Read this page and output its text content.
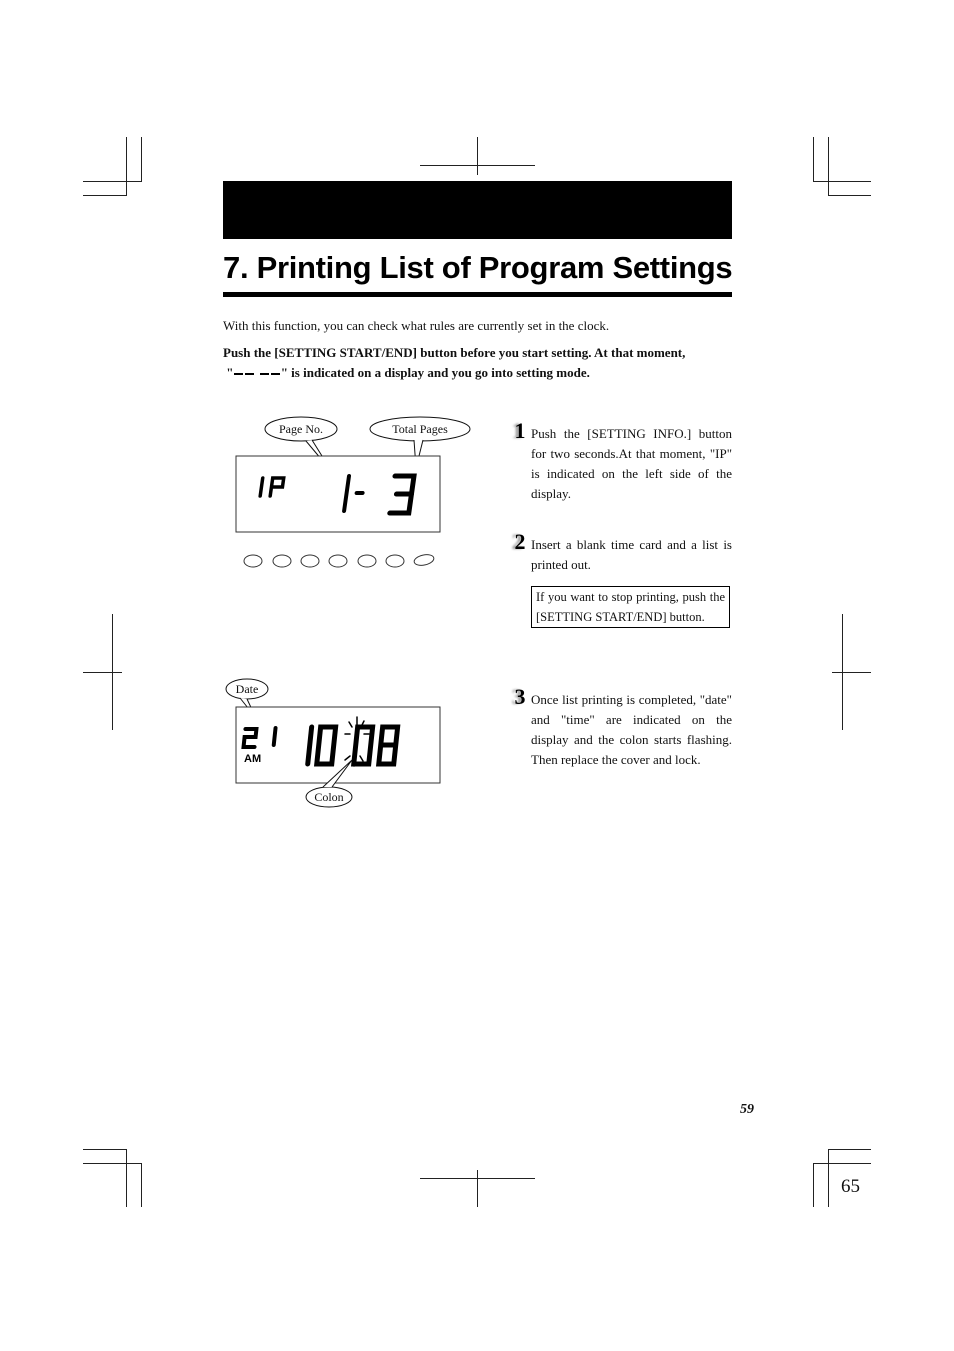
7. Printing List of Program Settings
With this function, you can check what rules are currently set in the clock.
Push the [SETTING START/END] button before you start setting. At that moment,
"	" is indicated on a display and you go into setting mode.
Page No.	Total Pages
Date
AM
Colon
1 Push the [SETTING INFO.] button for two seconds.At that moment, "IP" is indicated on the left side of the display.
2 Insert a blank time card and a list is printed out.
If you want to stop printing, push the [SETTING START/END] button.
3 Once list printing is completed, "date" and "time" are indicated on the display and the colon starts flashing. Then replace the cover and lock.
59
65
